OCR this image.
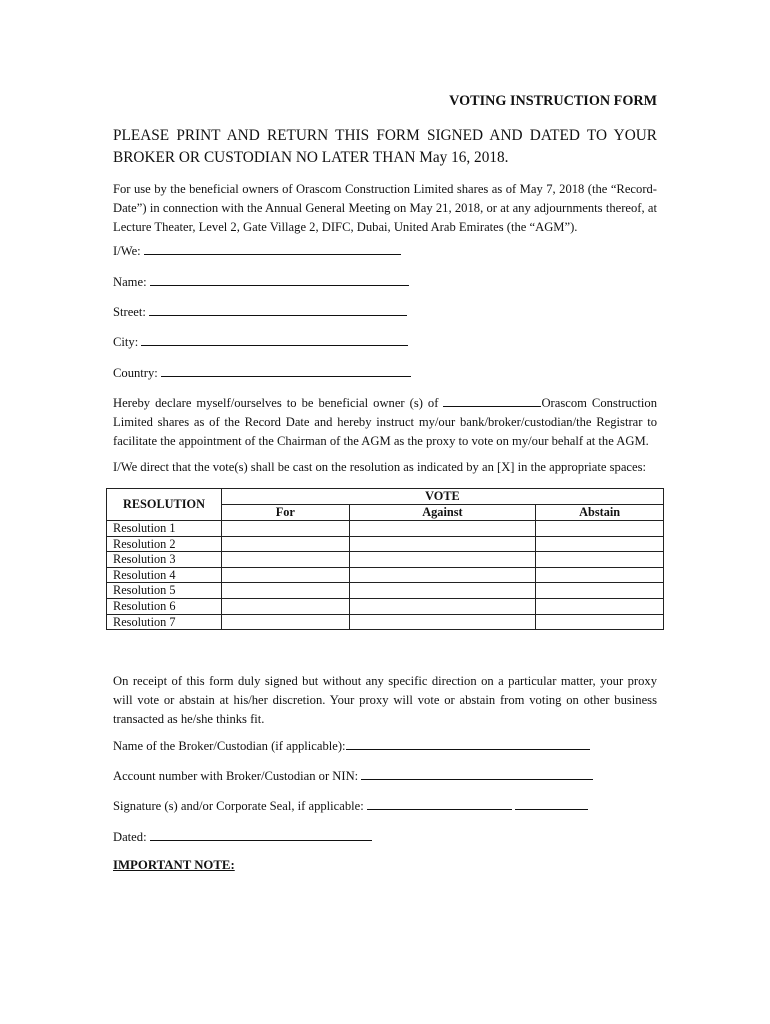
VOTING INSTRUCTION FORM
PLEASE PRINT AND RETURN THIS FORM SIGNED AND DATED TO YOUR BROKER OR CUSTODIAN NO LATER THAN May 16, 2018.
For use by the beneficial owners of Orascom Construction Limited shares as of May 7, 2018 (the “Record-Date”) in connection with the Annual General Meeting on May 21, 2018, or at any adjournments thereof, at Lecture Theater, Level 2, Gate Village 2, DIFC, Dubai, United Arab Emirates (the “AGM”).
I/We:
Name:
Street:
City:
Country:
Hereby declare myself/ourselves to be beneficial owner (s) of	Orascom Construction Limited shares as of the Record Date and hereby instruct my/our bank/broker/custodian/the Registrar to facilitate the appointment of the Chairman of the AGM as the proxy to vote on my/our behalf at the AGM.
I/We direct that the vote(s) shall be cast on the resolution as indicated by an [X] in the appropriate spaces:
RESOLUTION	VOTE		
	For	Against	Abstain
Resolution 1			
Resolution 2			
Resolution 3			
Resolution 4			
Resolution 5			
Resolution 6			
Resolution 7			
On receipt of this form duly signed but without any specific direction on a particular matter, your proxy will vote or abstain at his/her discretion. Your proxy will vote or abstain from voting on other business transacted as he/she thinks fit.
Name of the Broker/Custodian (if applicable):
Account number with Broker/Custodian or NIN:
Signature (s) and/or Corporate Seal, if applicable:
Dated:
IMPORTANT NOTE:
